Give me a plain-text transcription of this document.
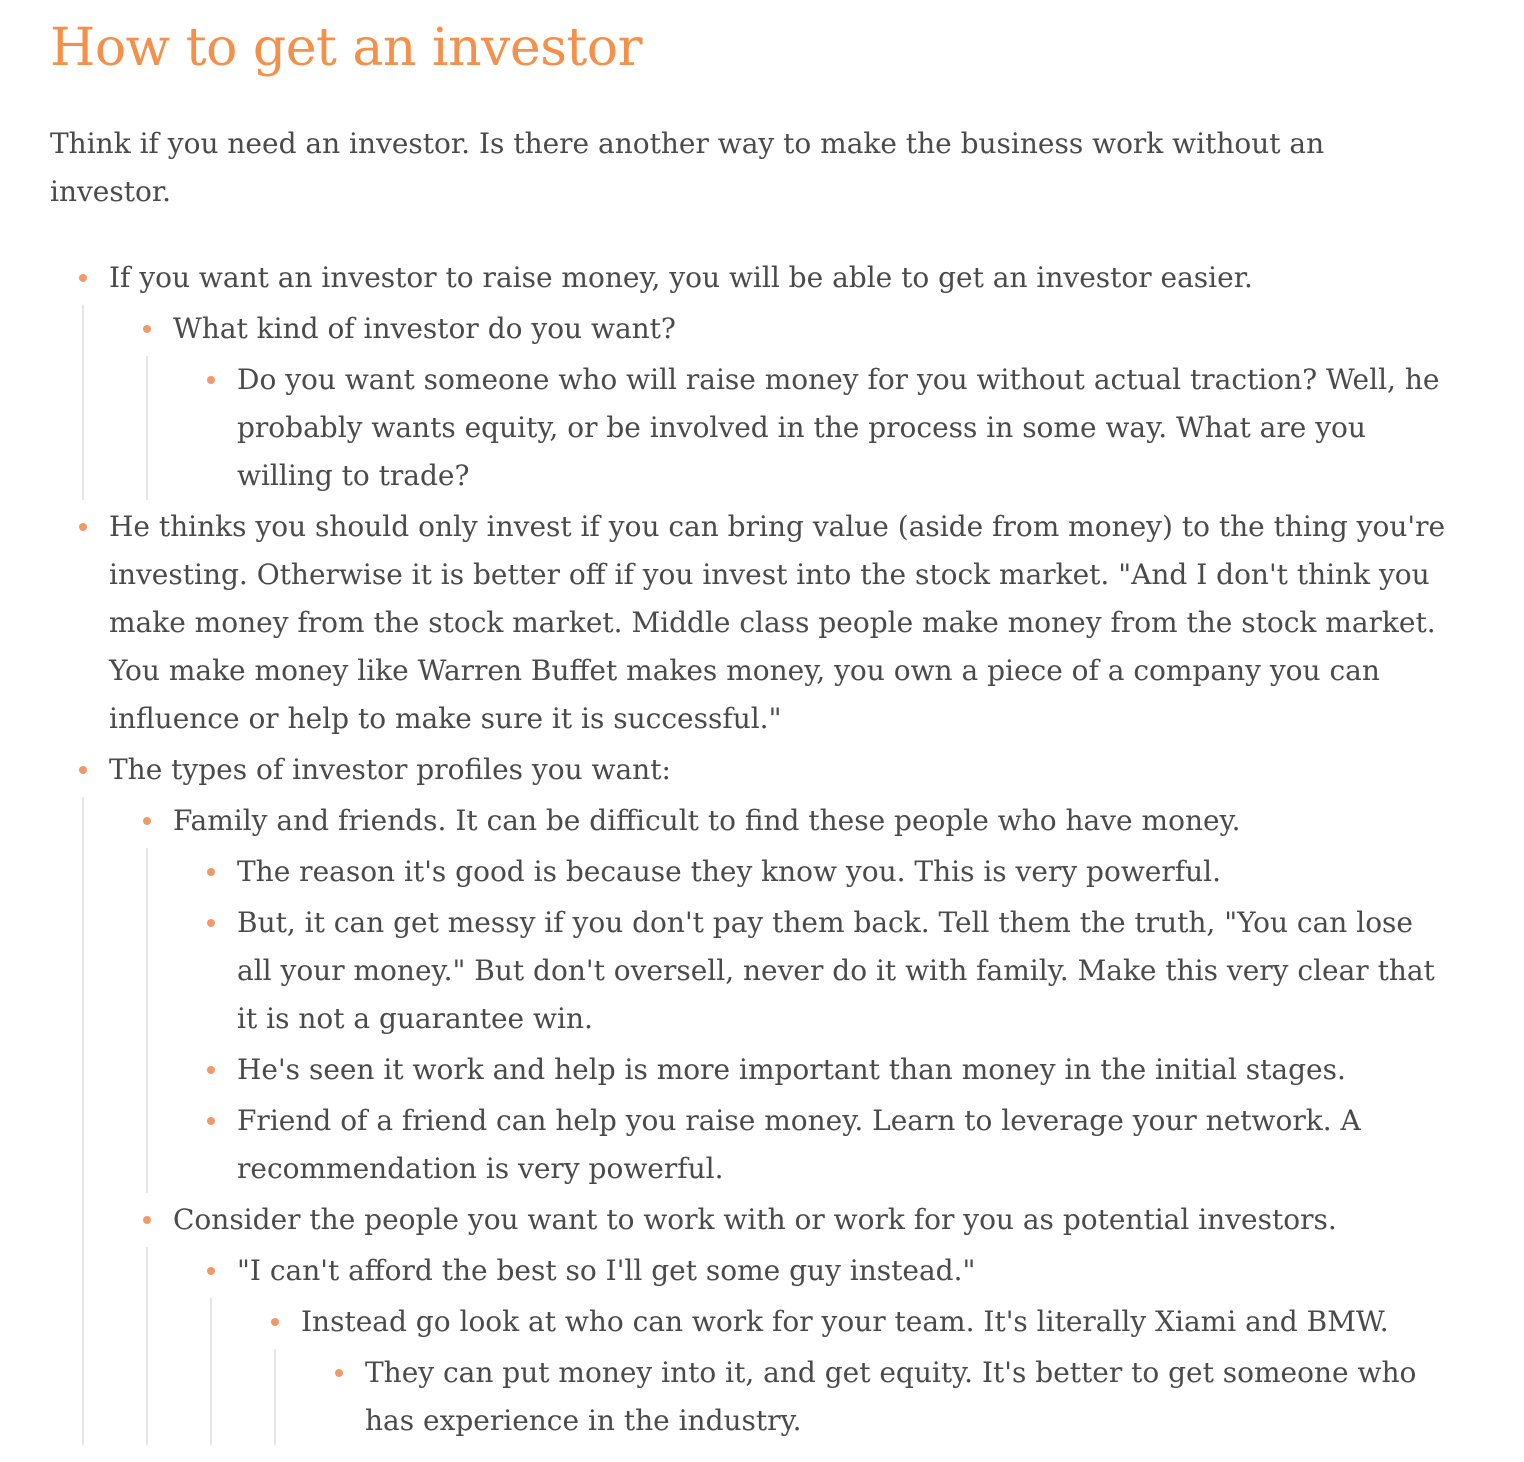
How to get an investor

Think if you need an investor. Is there another way to make the business work without an investor.

If you want an investor to raise money, you will be able to get an investor easier.
What kind of investor do you want?
Do you want someone who will raise money for you without actual traction? Well, he probably wants equity, or be involved in the process in some way. What are you willing to trade?
He thinks you should only invest if you can bring value (aside from money) to the thing you're investing. Otherwise it is better off if you invest into the stock market. "And I don't think you make money from the stock market. Middle class people make money from the stock market. You make money like Warren Buffet makes money, you own a piece of a company you can influence or help to make sure it is successful."
The types of investor profiles you want:
Family and friends. It can be difficult to find these people who have money.
The reason it's good is because they know you. This is very powerful.
But, it can get messy if you don't pay them back. Tell them the truth, "You can lose all your money." But don't oversell, never do it with family. Make this very clear that it is not a guarantee win.
He's seen it work and help is more important than money in the initial stages.
Friend of a friend can help you raise money. Learn to leverage your network. A recommendation is very powerful.
Consider the people you want to work with or work for you as potential investors.
"I can't afford the best so I'll get some guy instead."
Instead go look at who can work for your team. It's literally Xiami and BMW.
They can put money into it, and get equity. It's better to get someone who has experience in the industry.
